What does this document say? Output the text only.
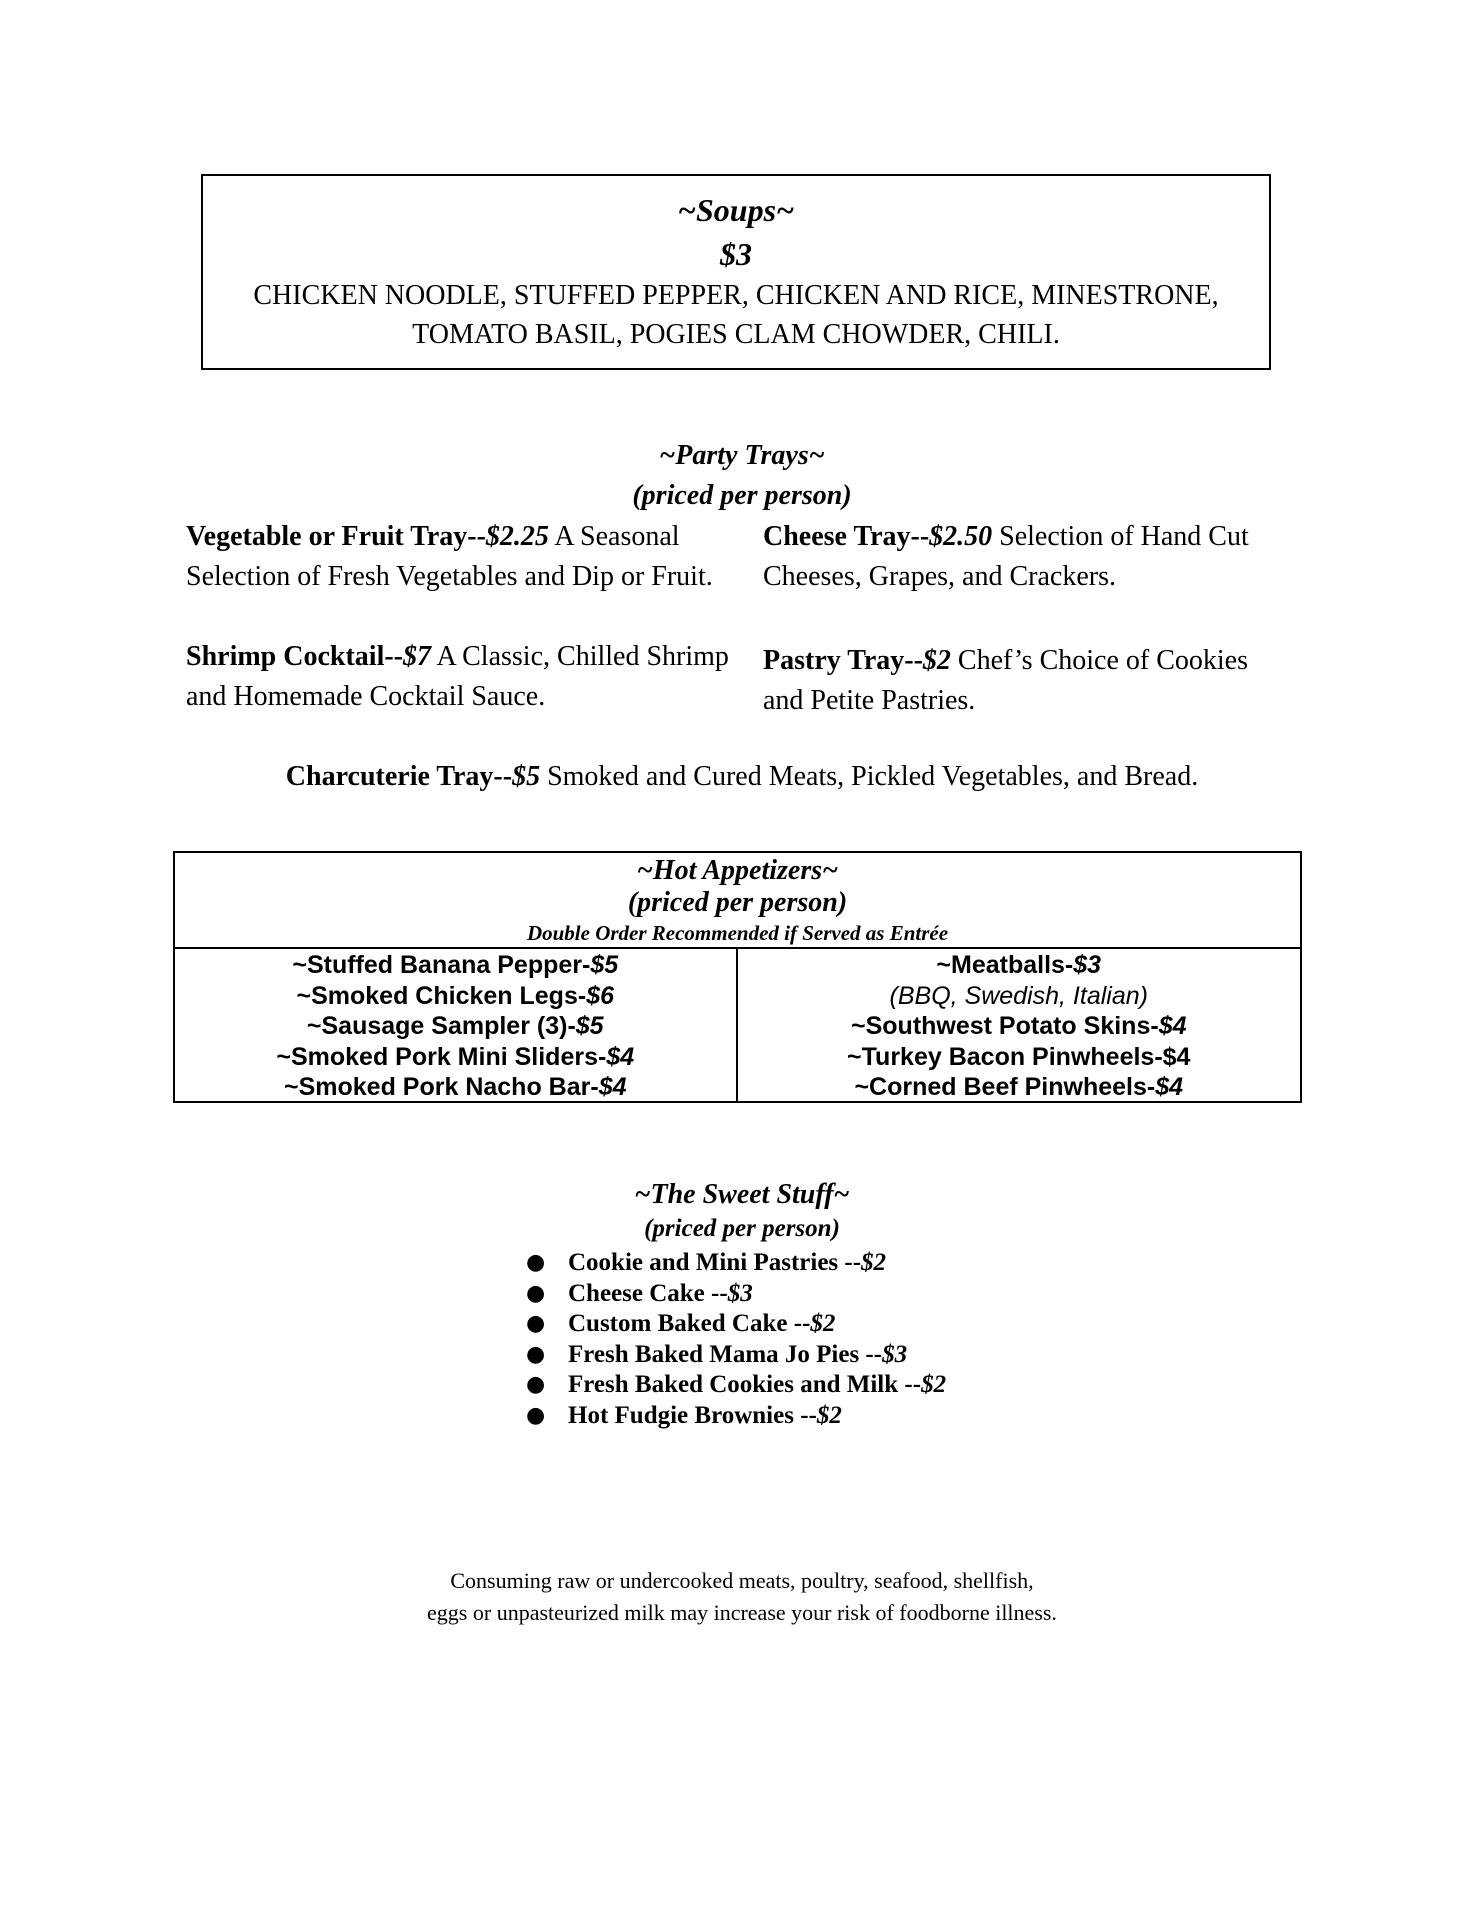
~Soups~
$3
CHICKEN NOODLE, STUFFED PEPPER, CHICKEN AND RICE, MINESTRONE, TOMATO BASIL, POGIES CLAM CHOWDER, CHILI.
~Party Trays~
(priced per person)
Vegetable or Fruit Tray--$2.25 A Seasonal Selection of Fresh Vegetables and Dip or Fruit.
Cheese Tray--$2.50 Selection of Hand Cut Cheeses, Grapes, and Crackers.
Shrimp Cocktail--$7 A Classic, Chilled Shrimp and Homemade Cocktail Sauce.
Pastry Tray--$2 Chef’s Choice of Cookies and Petite Pastries.
Charcuterie Tray--$5 Smoked and Cured Meats, Pickled Vegetables, and Bread.
~Hot Appetizers~
(priced per person)
Double Order Recommended if Served as Entrée
~Stuffed Banana Pepper-$5
~Smoked Chicken Legs-$6
~Sausage Sampler (3)-$5
~Smoked Pork Mini Sliders-$4
~Smoked Pork Nacho Bar-$4
~Meatballs-$3
(BBQ, Swedish, Italian)
~Southwest Potato Skins-$4
~Turkey Bacon Pinwheels-$4
~Corned Beef Pinwheels-$4
~The Sweet Stuff~
(priced per person)
● Cookie and Mini Pastries --$2
● Cheese Cake --$3
● Custom Baked Cake --$2
● Fresh Baked Mama Jo Pies --$3
● Fresh Baked Cookies and Milk --$2
● Hot Fudgie Brownies --$2
Consuming raw or undercooked meats, poultry, seafood, shellfish,
eggs or unpasteurized milk may increase your risk of foodborne illness.
